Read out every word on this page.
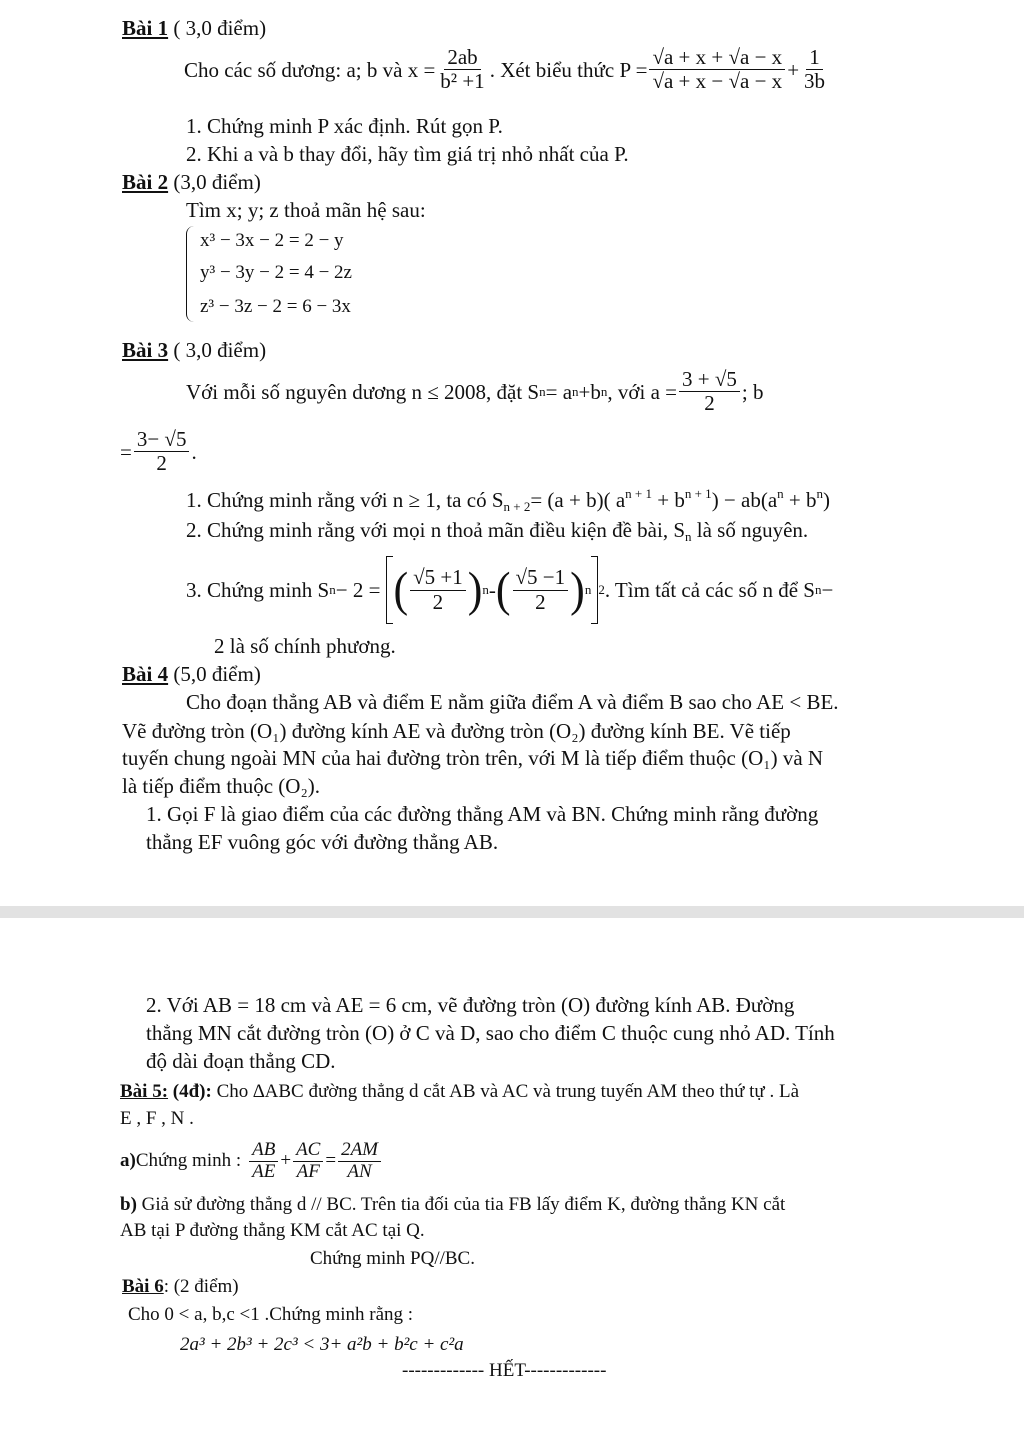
Bài 1 ( 3,0 điểm)
Cho các số dương: a; b và $x = \frac{2ab}{\text{b² +1}}$ . Xét biểu thức $P = \frac{√a + x + √a - x}{√a + x - √a - x} + \frac{1}{3b}$
1. Chứng minh P xác định. Rút gọn P.
2. Khi a và b thay đổi, hãy tìm giá trị nhỏ nhất của P.
Bài 2 (3,0 điểm)
Tìm x; y; z thoả mãn hệ sau:
x³ − 3x − 2 = 2 − y
y³ − 3y − 2 = 4 − 2z
z³ − 3z − 2 = 6 − 3x
Bài 3 ( 3,0 điểm)
Với mỗi số nguyên dương n ≤ 2008, đặt S n = a n +b n , với $a = \frac{3 + √5}{2}$ ; b
= $\frac{3- √5}{2}$ .
1. Chứng minh rằng với n ≥ 1, ta có $S_{n + 2}= (a + b)$( $a^{n + 1} + b^{n + 1}) - ab(a^n + b^n)$
2. Chứng minh rằng với mọi n thoả mãn điều kiện đề bài, $S_n$ là số nguyên.
3. Chứng minh S n − 2 = ( $\frac{√5 +1}{2}$ ) n - ( $\frac{√5 -1}{2}$ ) n 2 . Tìm tất cả các số n để S n −
2 là số chính phương.
Bài 4 (5,0 điểm)
Cho đoạn thẳng AB và điểm E nằm giữa điểm A và điểm B sao cho AE < BE.
Vẽ đường tròn (O₁) đường kính AE và đường tròn (O₂) đường kính BE. Vẽ tiếp
tuyến chung ngoài MN của hai đường tròn trên, với M là tiếp điểm thuộc (O₁) và N
là tiếp điểm thuộc (O₂).
1. Gọi F là giao điểm của các đường thẳng AM và BN. Chứng minh rằng đường
thẳng EF vuông góc với đường thẳng AB.
2. Với AB = 18 cm và AE = 6 cm, vẽ đường tròn (O) đường kính AB. Đường
thẳng MN cắt đường tròn (O) ở C và D, sao cho điểm C thuộc cung nhỏ AD. Tính
độ dài đoạn thẳng CD.
Bài 5: (4đ): Cho ∆ABC đường thẳng d cắt AB và AC và trung tuyến AM theo thứ tự . Là
E , F , N .
a) Chứng minh : $\frac{AB}{AE} + \frac{AC}{AF} = \frac{2AM}{AN}$
b) Giả sử đường thẳng d // BC. Trên tia đối của tia FB lấy điểm K, đường thẳng KN cắt
AB tại P đường thẳng KM cắt AC tại Q.
Chứng minh PQ//BC.
Bài 6: (2 điểm)
Cho 0 < a, b,c <1 .Chứng minh rằng :
2a³ + 2b³ + 2c³ < 3+ a²b + b²c + c²a
------------- HẾT-------------
